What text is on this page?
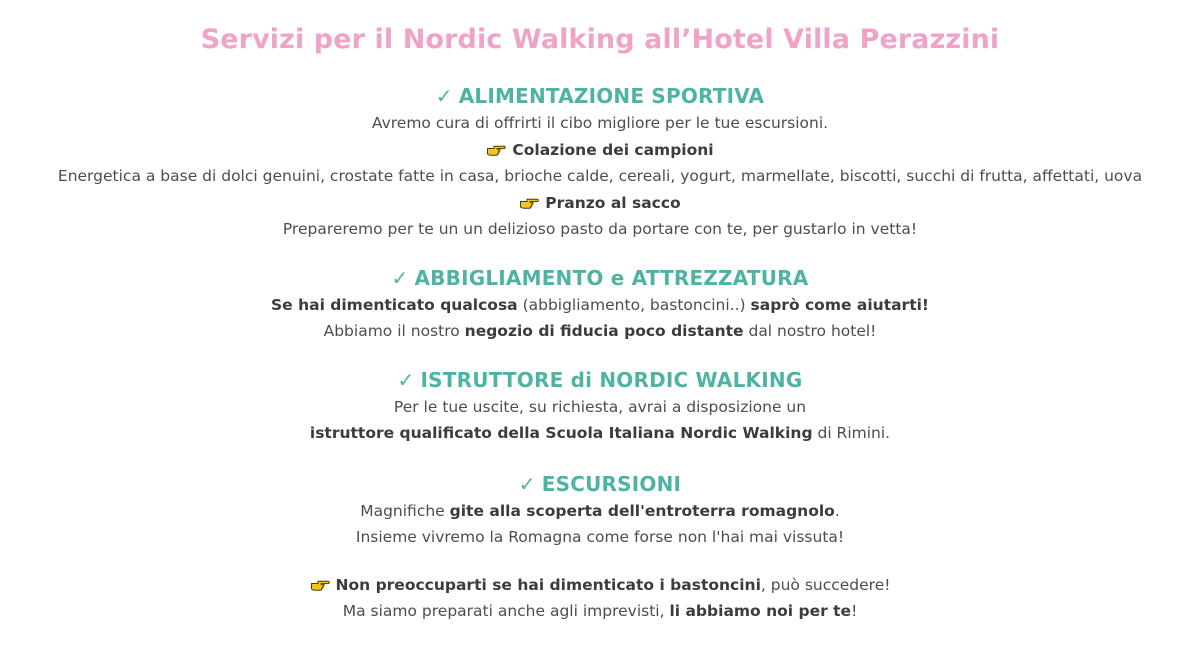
Servizi per il Nordic Walking all’Hotel Villa Perazzini
✓ ALIMENTAZIONE SPORTIVA

Avremo cura di offrirti il cibo migliore per le tue escursioni.

Colazione dei campioni

Energetica a base di dolci genuini, crostate fatte in casa, brioche calde, cereali, yogurt, marmellate, biscotti, succhi di frutta, affettati, uova

Pranzo al sacco

Prepareremo per te un un delizioso pasto da portare con te, per gustarlo in vetta!

✓ ABBIGLIAMENTO e ATTREZZATURA

Se hai dimenticato qualcosa (abbigliamento, bastoncini..) saprò come aiutarti!

Abbiamo il nostro negozio di fiducia poco distante dal nostro hotel!

✓ ISTRUTTORE di NORDIC WALKING

Per le tue uscite, su richiesta, avrai a disposizione un

istruttore qualificato della Scuola Italiana Nordic Walking di Rimini.

✓ ESCURSIONI

Magnifiche gite alla scoperta dell'entroterra romagnolo.

Insieme vivremo la Romagna come forse non l'hai mai vissuta!

Non preoccuparti se hai dimenticato i bastoncini, può succedere!

Ma siamo preparati anche agli imprevisti, li abbiamo noi per te!
